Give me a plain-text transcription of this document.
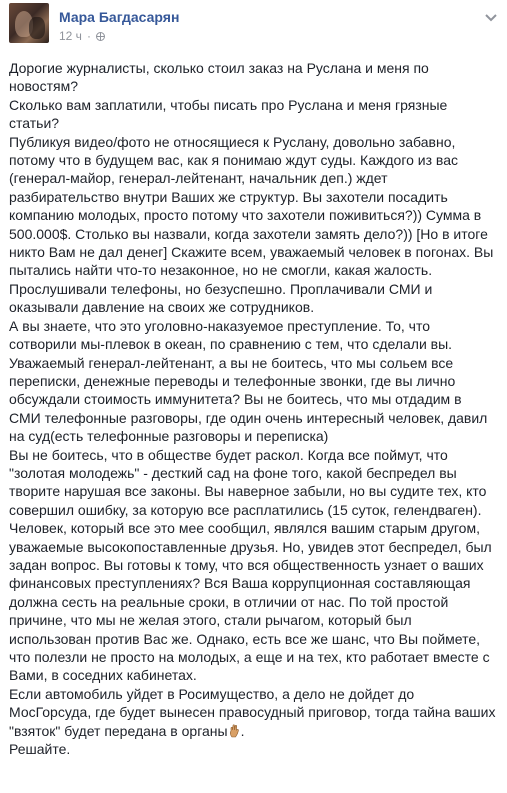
Мара Багдасарян
12 ч ·

Дорогие журналисты, сколько стоил заказ на Руслана и меня по новостям?

Сколько вам заплатили, чтобы писать про Руслана и меня грязные статьи?

Публикуя видео/фото не относящиеся к Руслану, довольно забавно, потому что в будущем вас, как я понимаю ждут суды. Каждого из вас (генерал-майор, генерал-лейтенант, начальник деп.) ждет разбирательство внутри Ваших же структур. Вы захотели посадить компанию молодых, просто потому что захотели поживиться?)) Сумма в 500.000$. Столько вы назвали, когда захотели замять дело?)) [Но в итоге никто Вам не дал денег] Скажите всем, уважаемый человек в погонах. Вы пытались найти что-то незаконное, но не смогли, какая жалость. Прослушивали телефоны, но безуспешно. Проплачивали СМИ и оказывали давление на своих же сотрудников.

А вы знаете, что это уголовно-наказуемое преступление. То, что сотворили мы-плевок в океан, по сравнению с тем, что сделали вы. Уважаемый генерал-лейтенант, а вы не боитесь, что мы сольем все переписки, денежные переводы и телефонные звонки, где вы лично обсуждали стоимость иммунитета? Вы не боитесь, что мы отдадим в СМИ телефонные разговоры, где один очень интересный человек, давил на суд(есть телефонные разговоры и переписка)

Вы не боитесь, что в обществе будет раскол. Когда все поймут, что "золотая молодежь" - десткий сад на фоне того, какой беспредел вы творите нарушая все законы. Вы наверное забыли, но вы судите тех, кто совершил ошибку, за которую все расплатились (15 суток, гелендваген). Человек, который все это мее сообщил, являлся вашим старым другом, уважаемые высокопоставленные друзья. Но, увидев этот беспредел, был задан вопрос. Вы готовы к тому, что вся общественность узнает о ваших финансовых преступлениях? Вся Ваша коррупционная составляющая должна сесть на реальные сроки, в отличии от нас. По той простой причине, что мы не желая этого, стали рычагом, который был использован против Вас же. Однако, есть все же шанс, что Вы поймете, что полезли не просто на молодых, а еще и на тех, кто работает вместе с Вами, в соседних кабинетах.

Если автомобиль уйдет в Росимущество, а дело не дойдет до МосГорсуда, где будет вынесен правосудный приговор, тогда тайна ваших "взяток" будет передана в органы .

Решайте.
